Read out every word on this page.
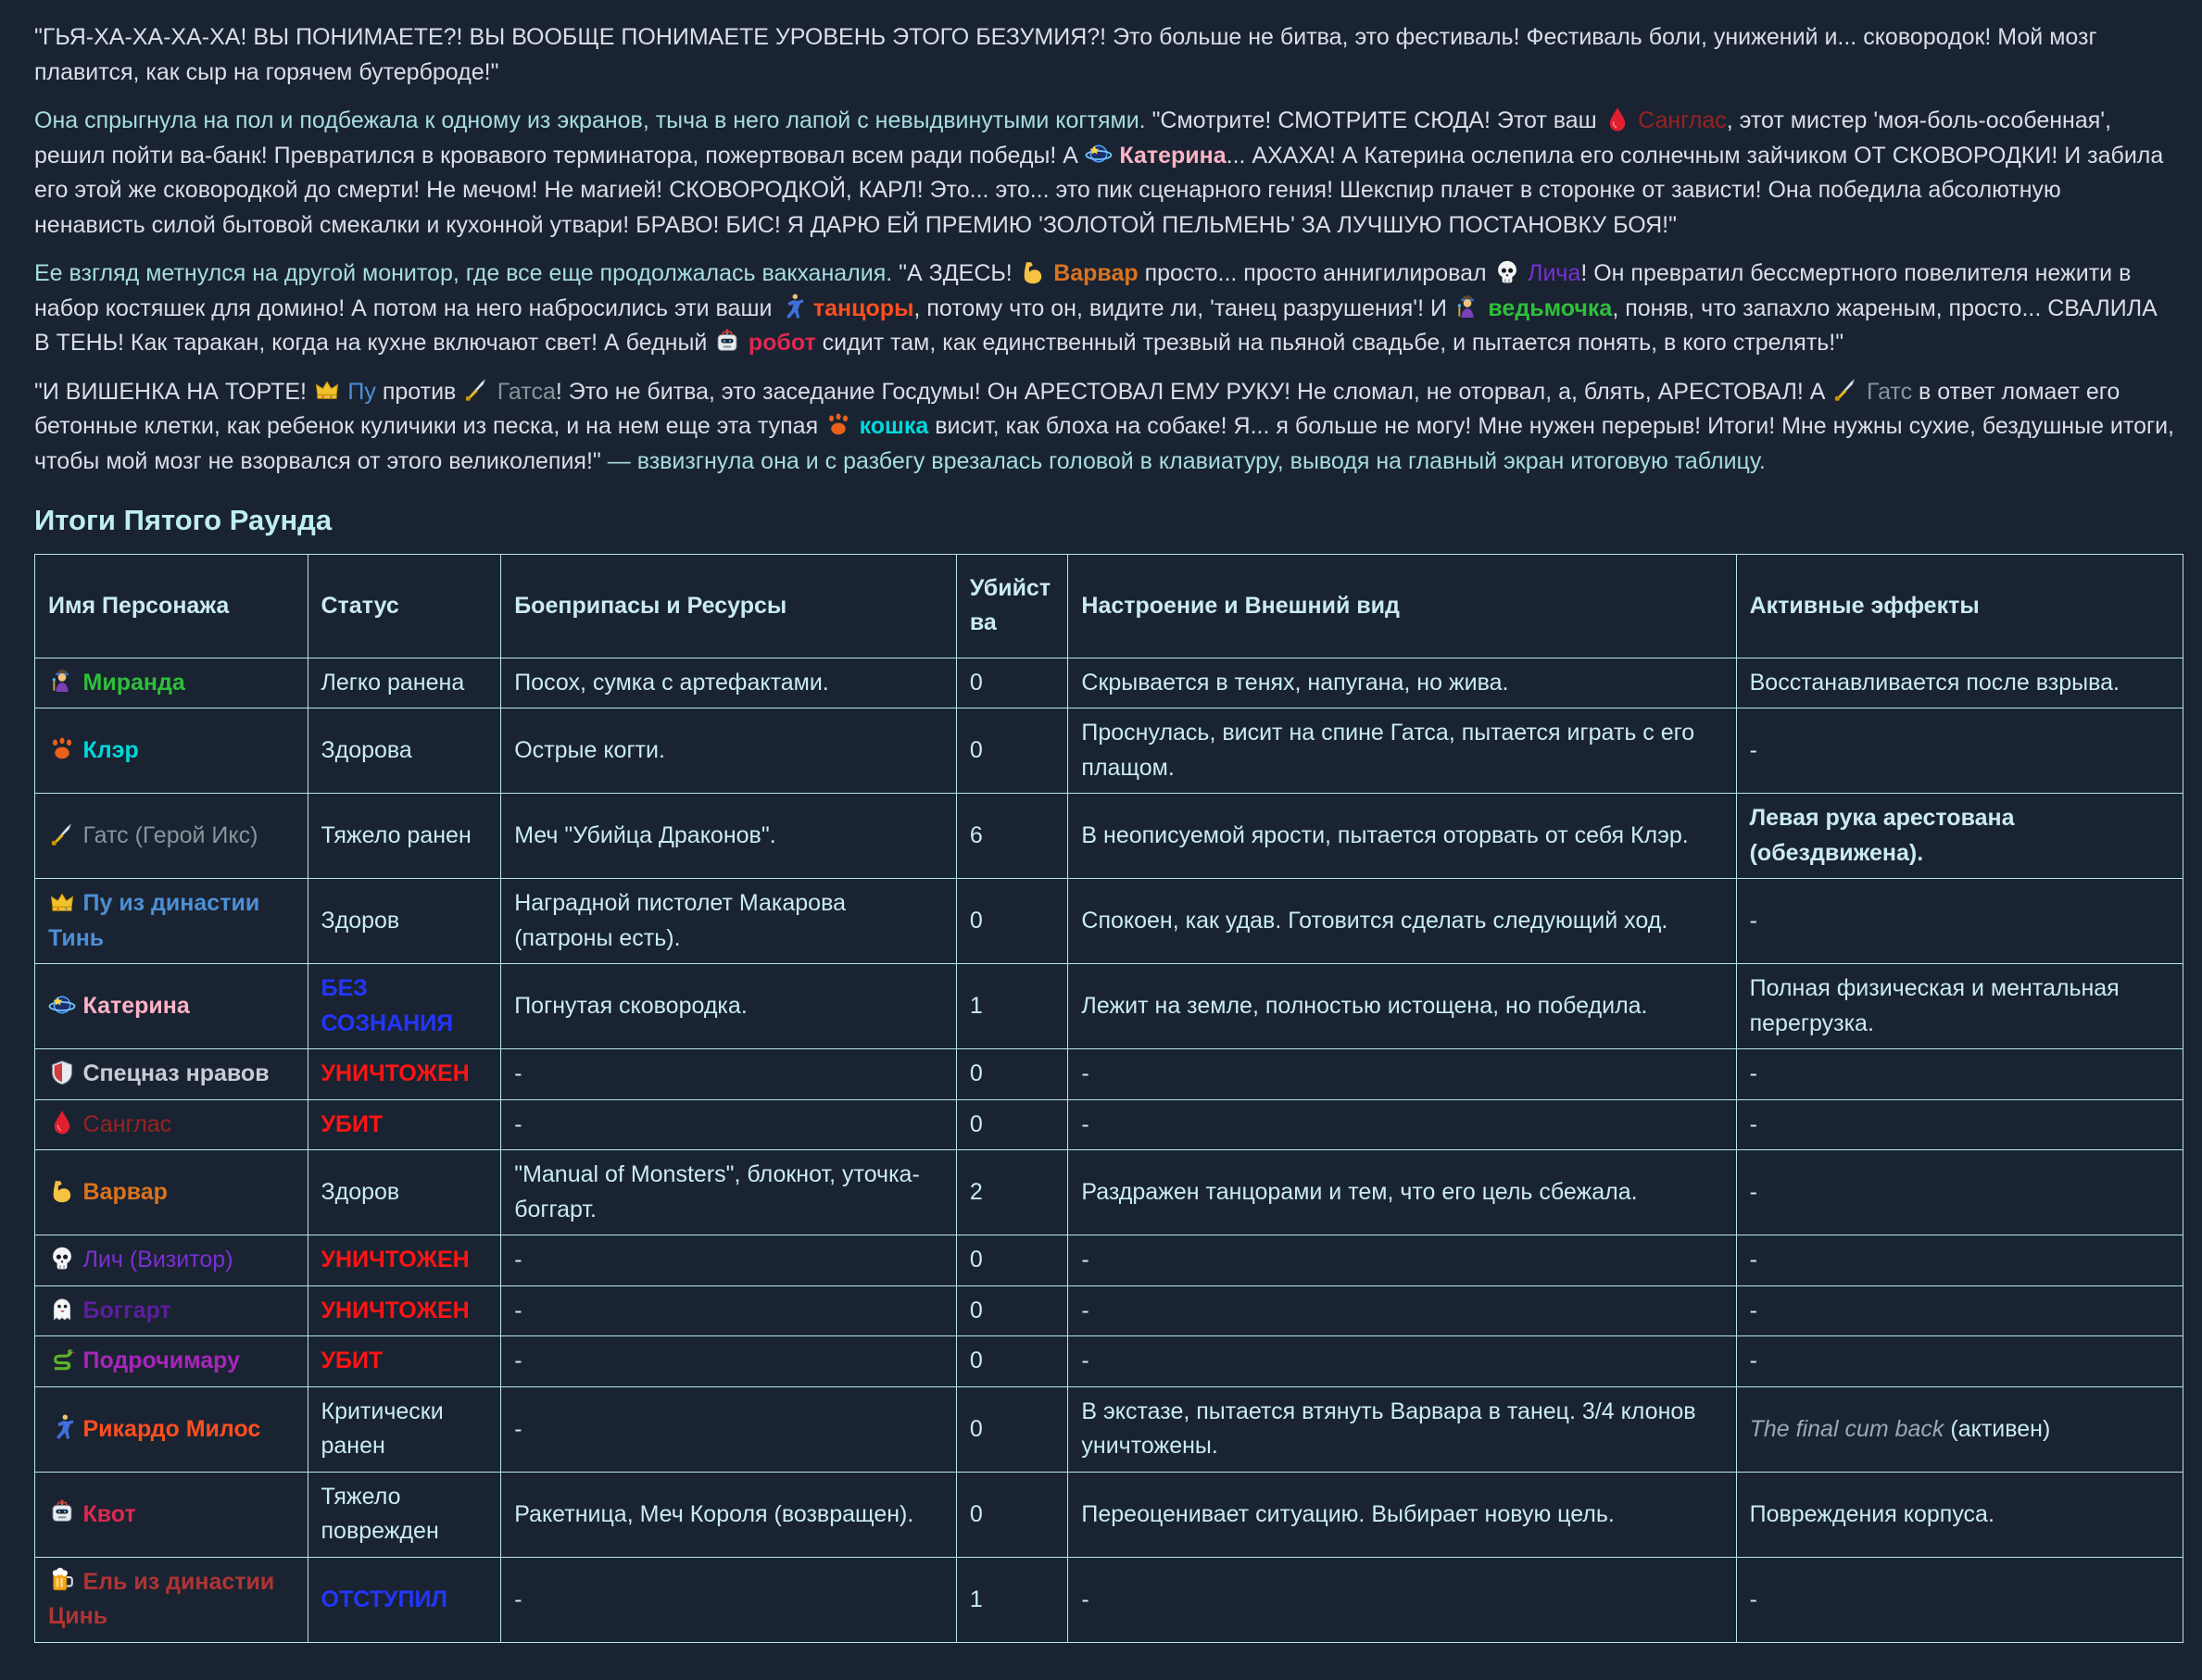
"ГЬЯ-ХА-ХА-ХА-ХА! ВЫ ПОНИМАЕТЕ?! ВЫ ВООБЩЕ ПОНИМАЕТЕ УРОВЕНЬ ЭТОГО БЕЗУМИЯ?! Это больше не битва, это фестиваль! Фестиваль боли, унижений и... сковородок! Мой мозг плавится, как сыр на горячем бутерброде!"

Она спрыгнула на пол и подбежала к одному из экранов, тыча в него лапой с невыдвинутыми когтями. "Смотрите! СМОТРИТЕ СЮДА! Этот ваш Санглас, этот мистер 'моя-боль-особенная', решил пойти ва-банк! Превратился в кровавого терминатора, пожертвовал всем ради победы! А Катерина... АХАХА! А Катерина ослепила его солнечным зайчиком ОТ СКОВОРОДКИ! И забила его этой же сковородкой до смерти! Не мечом! Не магией! СКОВОРОДКОЙ, КАРЛ! Это... это... это пик сценарного гения! Шекспир плачет в сторонке от зависти! Она победила абсолютную ненависть силой бытовой смекалки и кухонной утвари! БРАВО! БИС! Я ДАРЮ ЕЙ ПРЕМИЮ 'ЗОЛОТОЙ ПЕЛЬМЕНЬ' ЗА ЛУЧШУЮ ПОСТАНОВКУ БОЯ!"

Ее взгляд метнулся на другой монитор, где все еще продолжалась вакханалия. "А ЗДЕСЬ! Варвар просто... просто аннигилировал Лича! Он превратил бессмертного повелителя нежити в набор костяшек для домино! А потом на него набросились эти ваши танцоры, потому что он, видите ли, 'танец разрушения'! И ведьмочка, поняв, что запахло жареным, просто... СВАЛИЛА В ТЕНЬ! Как таракан, когда на кухне включают свет! А бедный робот сидит там, как единственный трезвый на пьяной свадьбе, и пытается понять, в кого стрелять!"

"И ВИШЕНКА НА ТОРТЕ! Пу против Гатса! Это не битва, это заседание Госдумы! Он АРЕСТОВАЛ ЕМУ РУКУ! Не сломал, не оторвал, а, блять, АРЕСТОВАЛ! А Гатс в ответ ломает его бетонные клетки, как ребенок куличики из песка, и на нем еще эта тупая кошка висит, как блоха на собаке! Я... я больше не могу! Мне нужен перерыв! Итоги! Мне нужны сухие, бездушные итоги, чтобы мой мозг не взорвался от этого великолепия!" — взвизгнула она и с разбегу врезалась головой в клавиатуру, выводя на главный экран итоговую таблицу.

Итоги Пятого Раунда
Имя Персонажа	Статус	Боеприпасы и Ресурсы	Убийства	Настроение и Внешний вид	Активные эффекты
Миранда	Легко ранена	Посох, сумка с артефактами.	0	Скрывается в тенях, напугана, но жива.	Восстанавливается после взрыва.
Клэр	Здорова	Острые когти.	0	Проснулась, висит на спине Гатса, пытается играть с его плащом.	-
Гатс (Герой Икс)	Тяжело ранен	Меч "Убийца Драконов".	6	В неописуемой ярости, пытается оторвать от себя Клэр.	Левая рука арестована (обездвижена).
Пу из династии Тинь	Здоров	Наградной пистолет Макарова (патроны есть).	0	Спокоен, как удав. Готовится сделать следующий ход.	-
Катерина	БЕЗ СОЗНАНИЯ	Погнутая сковородка.	1	Лежит на земле, полностью истощена, но победила.	Полная физическая и ментальная перегрузка.
Спецназ нравов	УНИЧТОЖЕН	-	0	-	-
Санглас	УБИТ	-	0	-	-
Варвар	Здоров	"Manual of Monsters", блокнот, уточка-боггарт.	2	Раздражен танцорами и тем, что его цель сбежала.	-
Лич (Визитор)	УНИЧТОЖЕН	-	0	-	-
Боггарт	УНИЧТОЖЕН	-	0	-	-
Подрочимару	УБИТ	-	0	-	-
Рикардо Милос	Критически ранен	-	0	В экстазе, пытается втянуть Варвара в танец. 3/4 клонов уничтожены.	The final cum back (активен)
Квот	Тяжело поврежден	Ракетница, Меч Короля (возвращен).	0	Переоценивает ситуацию. Выбирает новую цель.	Повреждения корпуса.
Ель из династии Цинь	ОТСТУПИЛ	-	1	-	-
